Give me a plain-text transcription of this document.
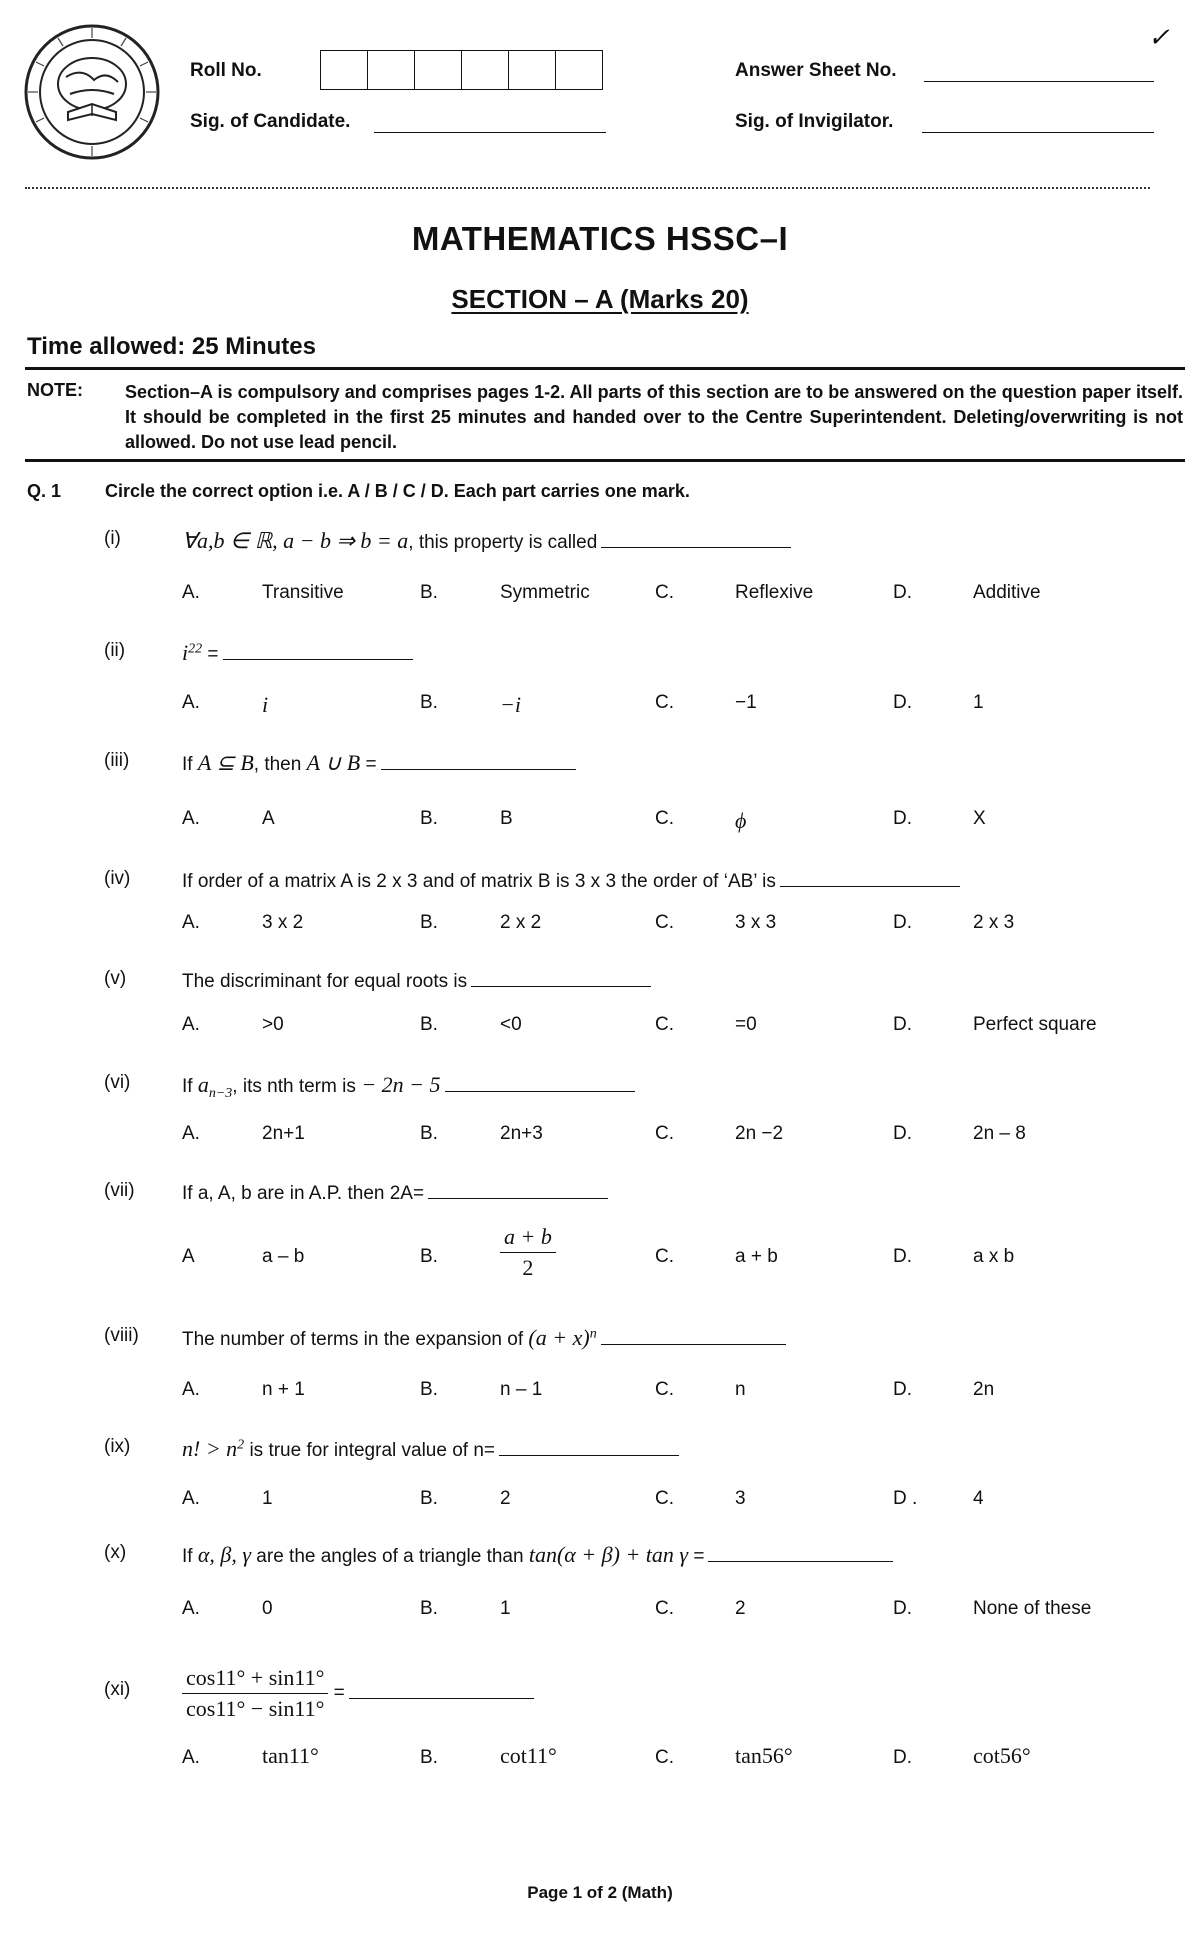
✓
Roll No.
Sig. of Candidate.
Answer Sheet No.
Sig. of Invigilator.
MATHEMATICS HSSC–I
SECTION – A (Marks 20)
Time allowed: 25 Minutes
NOTE: Section–A is compulsory and comprises pages 1-2. All parts of this section are to be answered on the question paper itself. It should be completed in the first 25 minutes and handed over to the Centre Superintendent. Deleting/overwriting is not allowed. Do not use lead pencil.
Q. 1 Circle the correct option i.e. A / B / C / D. Each part carries one mark.
(i)	∀a,b ∈ ℝ, a − b ⇒ b = a, this property is called
A.	Transitive	B.	Symmetric	C.	Reflexive	D.	Additive
(ii)	$i^{22}$ =
A.	i	B.	−i	C.	−1	D.	1
(iii)	If A ⊆ B, then A ∪ B =
A.	A	B.	B	C.	ϕ	D.	X
(iv)	If order of a matrix A is 2 x 3 and of matrix B is 3 x 3 the order of ‘AB’ is
A.	3 x 2	B.	2 x 2	C.	3 x 3	D.	2 x 3
(v)	The discriminant for equal roots is
A.	>0	B.	<0	C.	=0	D.	Perfect square
(vi)	If $a_{n-3}$, its nth term is − 2n − 5
A.	2n+1	B.	2n+3	C.	2n −2	D.	2n – 8
(vii) If a, A, b are in A.P. then 2A=
A	a – b	B.	$\frac{a + b}{2}$	C.	a + b	D.	a x b
(viii) The number of terms in the expansion of $(a + x)^n$
A.	n + 1	B.	n – 1	C.	n	D.	2n
(ix) n! > $n^2$ is true for integral value of n=
A.	1	B.	2	C.	3	D .	4
(x)	If α, β, γ are the angles of a triangle than tan(α + β) + tan γ =
A.	0	B.	1	C.	2	D.	None of these
$(xi) \frac{\cos 11^\circ + \sin 11^\circ}{\cos 11^\circ - \sin 11^\circ}$ =
A.	tan11°	B.	cot11°	C.	tan56°	D.	cot56°
Page 1 of 2 (Math)
